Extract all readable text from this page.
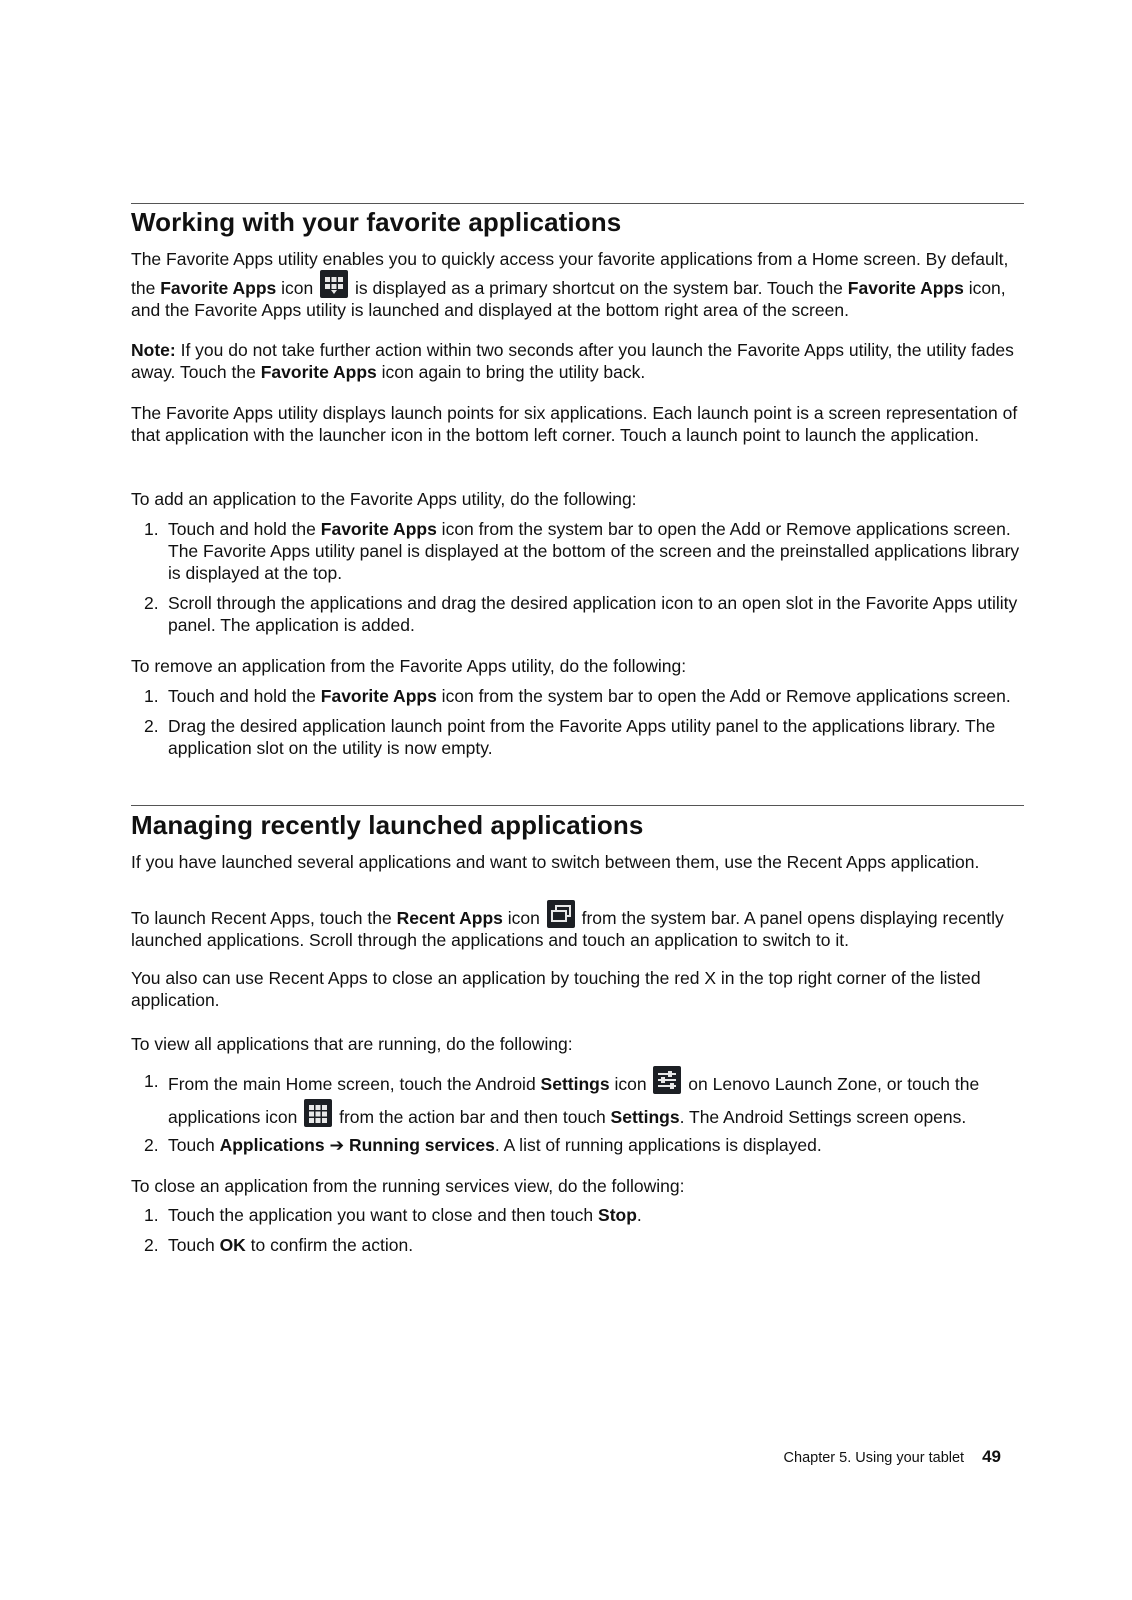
Working with your favorite applications
The Favorite Apps utility enables you to quickly access your favorite applications from a Home screen. By default, the Favorite Apps icon
is displayed as a primary shortcut on the system bar. Touch the Favorite Apps icon, and the Favorite Apps utility is launched and displayed at the bottom right area of the screen.
Note: If you do not take further action within two seconds after you launch the Favorite Apps utility, the utility fades away. Touch the Favorite Apps icon again to bring the utility back.
The Favorite Apps utility displays launch points for six applications. Each launch point is a screen representation of that application with the launcher icon in the bottom left corner. Touch a launch point to launch the application.
To add an application to the Favorite Apps utility, do the following:
1. Touch and hold the Favorite Apps icon from the system bar to open the Add or Remove applications screen. The Favorite Apps utility panel is displayed at the bottom of the screen and the preinstalled applications library is displayed at the top.
2. Scroll through the applications and drag the desired application icon to an open slot in the Favorite Apps utility panel. The application is added.
To remove an application from the Favorite Apps utility, do the following:
1. Touch and hold the Favorite Apps icon from the system bar to open the Add or Remove applications screen.
2. Drag the desired application launch point from the Favorite Apps utility panel to the applications library. The application slot on the utility is now empty.
Managing recently launched applications
If you have launched several applications and want to switch between them, use the Recent Apps application.
To launch Recent Apps, touch the Recent Apps icon
from the system bar. A panel opens displaying recently launched applications. Scroll through the applications and touch an application to switch to it.
You also can use Recent Apps to close an application by touching the red X in the top right corner of the listed application.
To view all applications that are running, do the following:
1. From the main Home screen, touch the Android Settings icon
on Lenovo Launch Zone, or touch the applications icon
from the action bar and then touch Settings. The Android Settings screen opens.
2. Touch Applications ➔ Running services. A list of running applications is displayed.
To close an application from the running services view, do the following:
1. Touch the application you want to close and then touch Stop.
2. Touch OK to confirm the action.
Chapter 5. Using your tablet 49
